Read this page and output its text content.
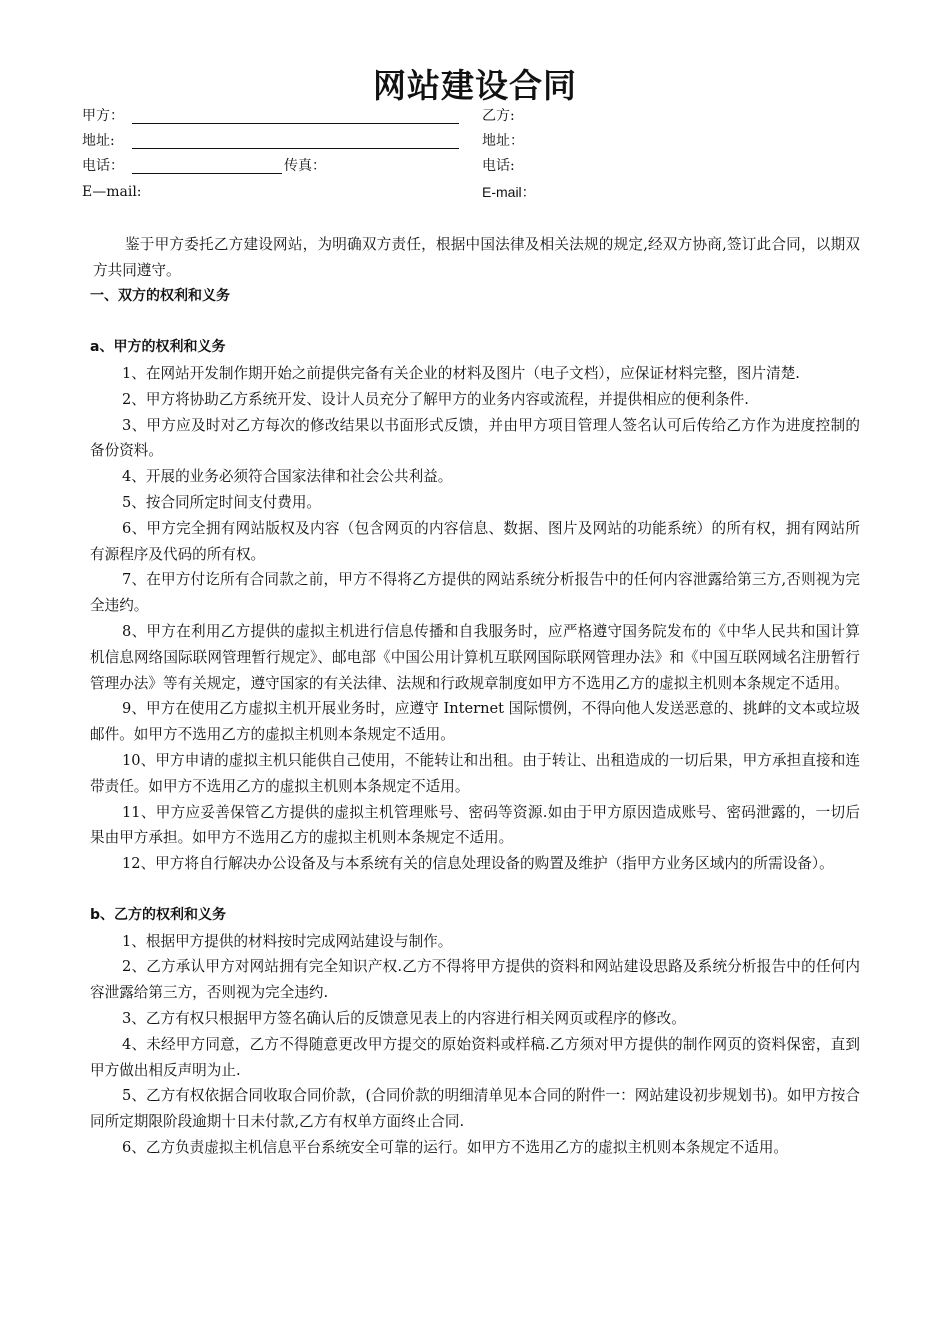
网站建设合同
甲方：
地址:
电话：	传真：
E—mail:
乙方:
地址：
电话:
E-mail：

鉴于甲方委托乙方建设网站，为明确双方责任，根据中国法律及相关法规的规定,经双方协商,签订此合同，以期双方共同遵守。

一、双方的权利和义务

a、甲方的权利和义务

1、在网站开发制作期开始之前提供完备有关企业的材料及图片（电子文档），应保证材料完整，图片清楚.

2、甲方将协助乙方系统开发、设计人员充分了解甲方的业务内容或流程，并提供相应的便利条件.

3、甲方应及时对乙方每次的修改结果以书面形式反馈，并由甲方项目管理人签名认可后传给乙方作为进度控制的备份资料。

4、开展的业务必须符合国家法律和社会公共利益。

5、按合同所定时间支付费用。

6、甲方完全拥有网站版权及内容（包含网页的内容信息、数据、图片及网站的功能系统）的所有权，拥有网站所有源程序及代码的所有权。

7、在甲方付讫所有合同款之前，甲方不得将乙方提供的网站系统分析报告中的任何内容泄露给第三方,否则视为完全违约。

8、甲方在利用乙方提供的虚拟主机进行信息传播和自我服务时，应严格遵守国务院发布的《中华人民共和国计算机信息网络国际联网管理暂行规定》、邮电部《中国公用计算机互联网国际联网管理办法》和《中国互联网域名注册暂行管理办法》等有关规定，遵守国家的有关法律、法规和行政规章制度如甲方不选用乙方的虚拟主机则本条规定不适用。

9、甲方在使用乙方虚拟主机开展业务时，应遵守 Internet 国际惯例，不得向他人发送恶意的、挑衅的文本或垃圾邮件。如甲方不选用乙方的虚拟主机则本条规定不适用。

10、甲方申请的虚拟主机只能供自己使用，不能转让和出租。由于转让、出租造成的一切后果，甲方承担直接和连带责任。如甲方不选用乙方的虚拟主机则本条规定不适用。

11、甲方应妥善保管乙方提供的虚拟主机管理账号、密码等资源.如由于甲方原因造成账号、密码泄露的，一切后果由甲方承担。如甲方不选用乙方的虚拟主机则本条规定不适用。

12、甲方将自行解决办公设备及与本系统有关的信息处理设备的购置及维护（指甲方业务区域内的所需设备）。

b、乙方的权利和义务

1、根据甲方提供的材料按时完成网站建设与制作。

2、乙方承认甲方对网站拥有完全知识产权.乙方不得将甲方提供的资料和网站建设思路及系统分析报告中的任何内容泄露给第三方，否则视为完全违约.

3、乙方有权只根据甲方签名确认后的反馈意见表上的内容进行相关网页或程序的修改。

4、未经甲方同意，乙方不得随意更改甲方提交的原始资料或样稿.乙方须对甲方提供的制作网页的资料保密，直到甲方做出相反声明为止.

5、乙方有权依据合同收取合同价款，(合同价款的明细清单见本合同的附件一：网站建设初步规划书)。如甲方按合同所定期限阶段逾期十日未付款,乙方有权单方面终止合同.

6、乙方负责虚拟主机信息平台系统安全可靠的运行。如甲方不选用乙方的虚拟主机则本条规定不适用。
